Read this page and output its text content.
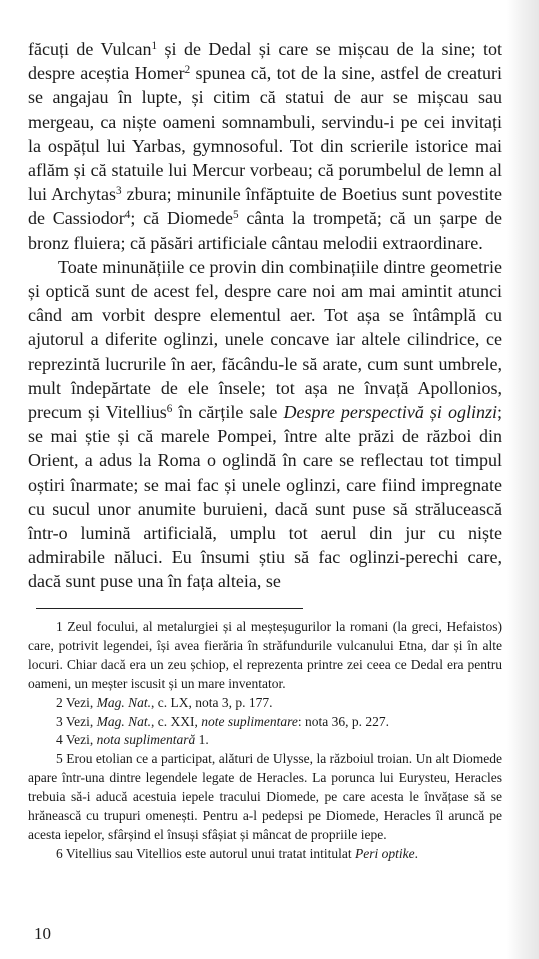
făcuți de Vulcan$^1$ și de Dedal și care se mișcau de la sine; tot despre aceștia Homer$^2$ spunea că, tot de la sine, astfel de creaturi se angajau în lupte, și citim că statui de aur se mișcau sau mergeau, ca niște oameni somnambuli, servindu-i pe cei invitați la ospățul lui Yarbas, gymnosoful. Tot din scrierile istorice mai aflăm și că statuile lui Mercur vorbeau; că porumbelul de lemn al lui Archytas$^3$ zbura; minunile înfăptuite de Boetius sunt povestite de Cassiodor$^4$; că Diomede$^5$ cânta la trompetă; că un șarpe de bronz fluiera; că păsări artificiale cântau melodii extraordinare.

Toate minunățiile ce provin din combinațiile dintre geometrie și optică sunt de acest fel, despre care noi am mai amintit atunci când am vorbit despre elementul aer. Tot așa se întâmplă cu ajutorul a diferite oglinzi, unele concave iar altele cilindrice, ce reprezintă lucrurile în aer, făcându-le să arate, cum sunt umbrele, mult îndepărtate de ele însele; tot așa ne învață Apollonios, precum și Vitellius$^6$ în cărțile sale Despre perspectivă și oglinzi; se mai știe și că marele Pompei, între alte prăzi de război din Orient, a adus la Roma o oglindă în care se reflectau tot timpul oștiri înarmate; se mai fac și unele oglinzi, care fiind impregnate cu sucul unor anumite buruieni, dacă sunt puse să strălucească într-o lumină artificială, umplu tot aerul din jur cu niște admirabile năluci. Eu însumi știu să fac oglinzi-perechi care, dacă sunt puse una în fața alteia, se

1 Zeul focului, al metalurgiei și al meșteșugurilor la romani (la greci, Hefaistos) care, potrivit legendei, își avea fierăria în străfundurile vulcanului Etna, dar și în alte locuri. Chiar dacă era un zeu șchiop, el reprezenta printre zei ceea ce Dedal era pentru oameni, un meșter iscusit și un mare inventator.

2 Vezi, Mag. Nat., c. LX, nota 3, p. 177.

3 Vezi, Mag. Nat., c. XXI, note suplimentare: nota 36, p. 227.

4 Vezi, nota suplimentară 1.

5 Erou etolian ce a participat, alături de Ulysse, la războiul troian. Un alt Diomede apare într-una dintre legendele legate de Heracles. La porunca lui Eurysteu, Heracles trebuia să-i aducă acestuia iepele tracului Diomede, pe care acesta le învățase să se hrănească cu trupuri omenești. Pentru a-l pedepsi pe Diomede, Heracles îl aruncă pe acesta iepelor, sfârșind el însuși sfâșiat și mâncat de propriile iepe.

6 Vitellius sau Vitellios este autorul unui tratat intitulat Peri optike.

10
